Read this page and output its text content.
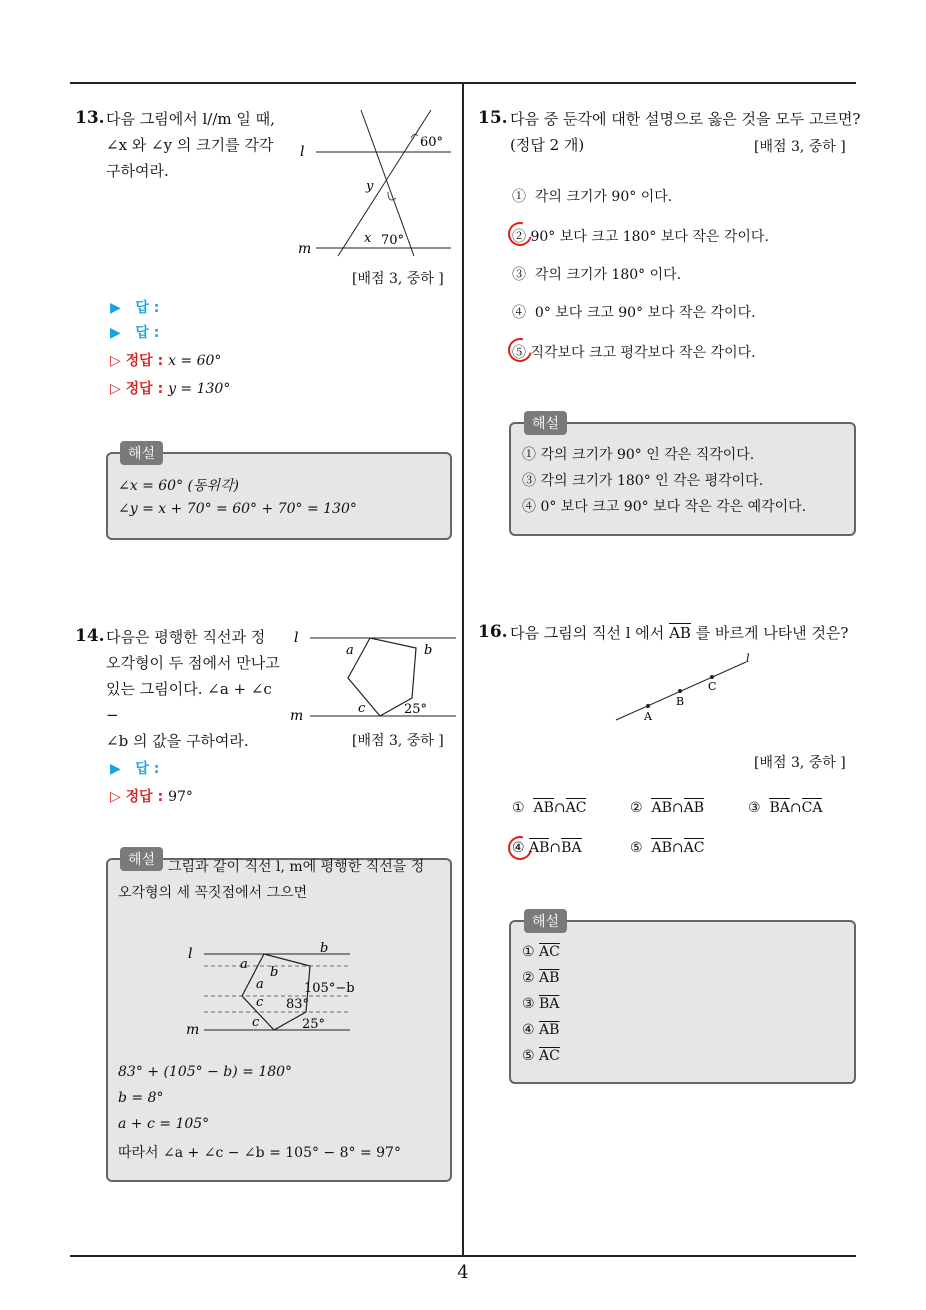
4
13. 다음 그림에서 l//m 일 때,
∠x 와 ∠y 의 크기를 각각
구하여라.
l
m
60°
y
x 70°
[배점 3, 중하 ]
▶ 답 :
▶ 답 :
▷ 정답 : x = 60°
▷ 정답 : y = 130°
해설
∠x = 60° (동위각)
∠y = x + 70° = 60° + 70° = 130°
14. 다음은 평행한 직선과 정
오각형이 두 점에서 만나고
있는 그림이다. ∠a + ∠c −
∠b 의 값을 구하여라.
l
m
a	b
c	25°
[배점 3, 중하 ]
▶ 답 :
▷ 정답 : 97°
해설 그림과 같이 직선 l, m에 평행한 직선을 정
오각형의 세 꼭짓점에서 그으면
l
m
b
a
b
a	105°−b
c 83°
c	25°
83° + (105° − b) = 180°
b = 8°
a + c = 105°
따라서 ∠a + ∠c − ∠b = 105° − 8° = 97°
15. 다음 중 둔각에 대한 설명으로 옳은 것을 모두 고르면?
(정답 2 개)	[배점 3, 중하 ]
① 각의 크기가 90° 이다.
② 90° 보다 크고 180° 보다 작은 각이다.
③ 각의 크기가 180° 이다.
④ 0° 보다 크고 90° 보다 작은 각이다.
⑤ 직각보다 크고 평각보다 작은 각이다.
해설
① 각의 크기가 90° 인 각은 직각이다.
③ 각의 크기가 180° 인 각은 평각이다.
④ 0° 보다 크고 90° 보다 작은 각은 예각이다.
16. 다음 그림의 직선 l 에서 $\overline{AB}$ 를 바르게 나타낸 것은?
l
A
B
C
[배점 3, 중하 ]
① AB∩AC	② AB∩AB	③ BA∩CA
④ AB∩BA	⑤ AB∩AC
해설
① $\overline{AC}$
② $\overline{AB}$
③ $\overline{BA}$
④ $\overline{AB}$
⑤ $\overline{AC}$
